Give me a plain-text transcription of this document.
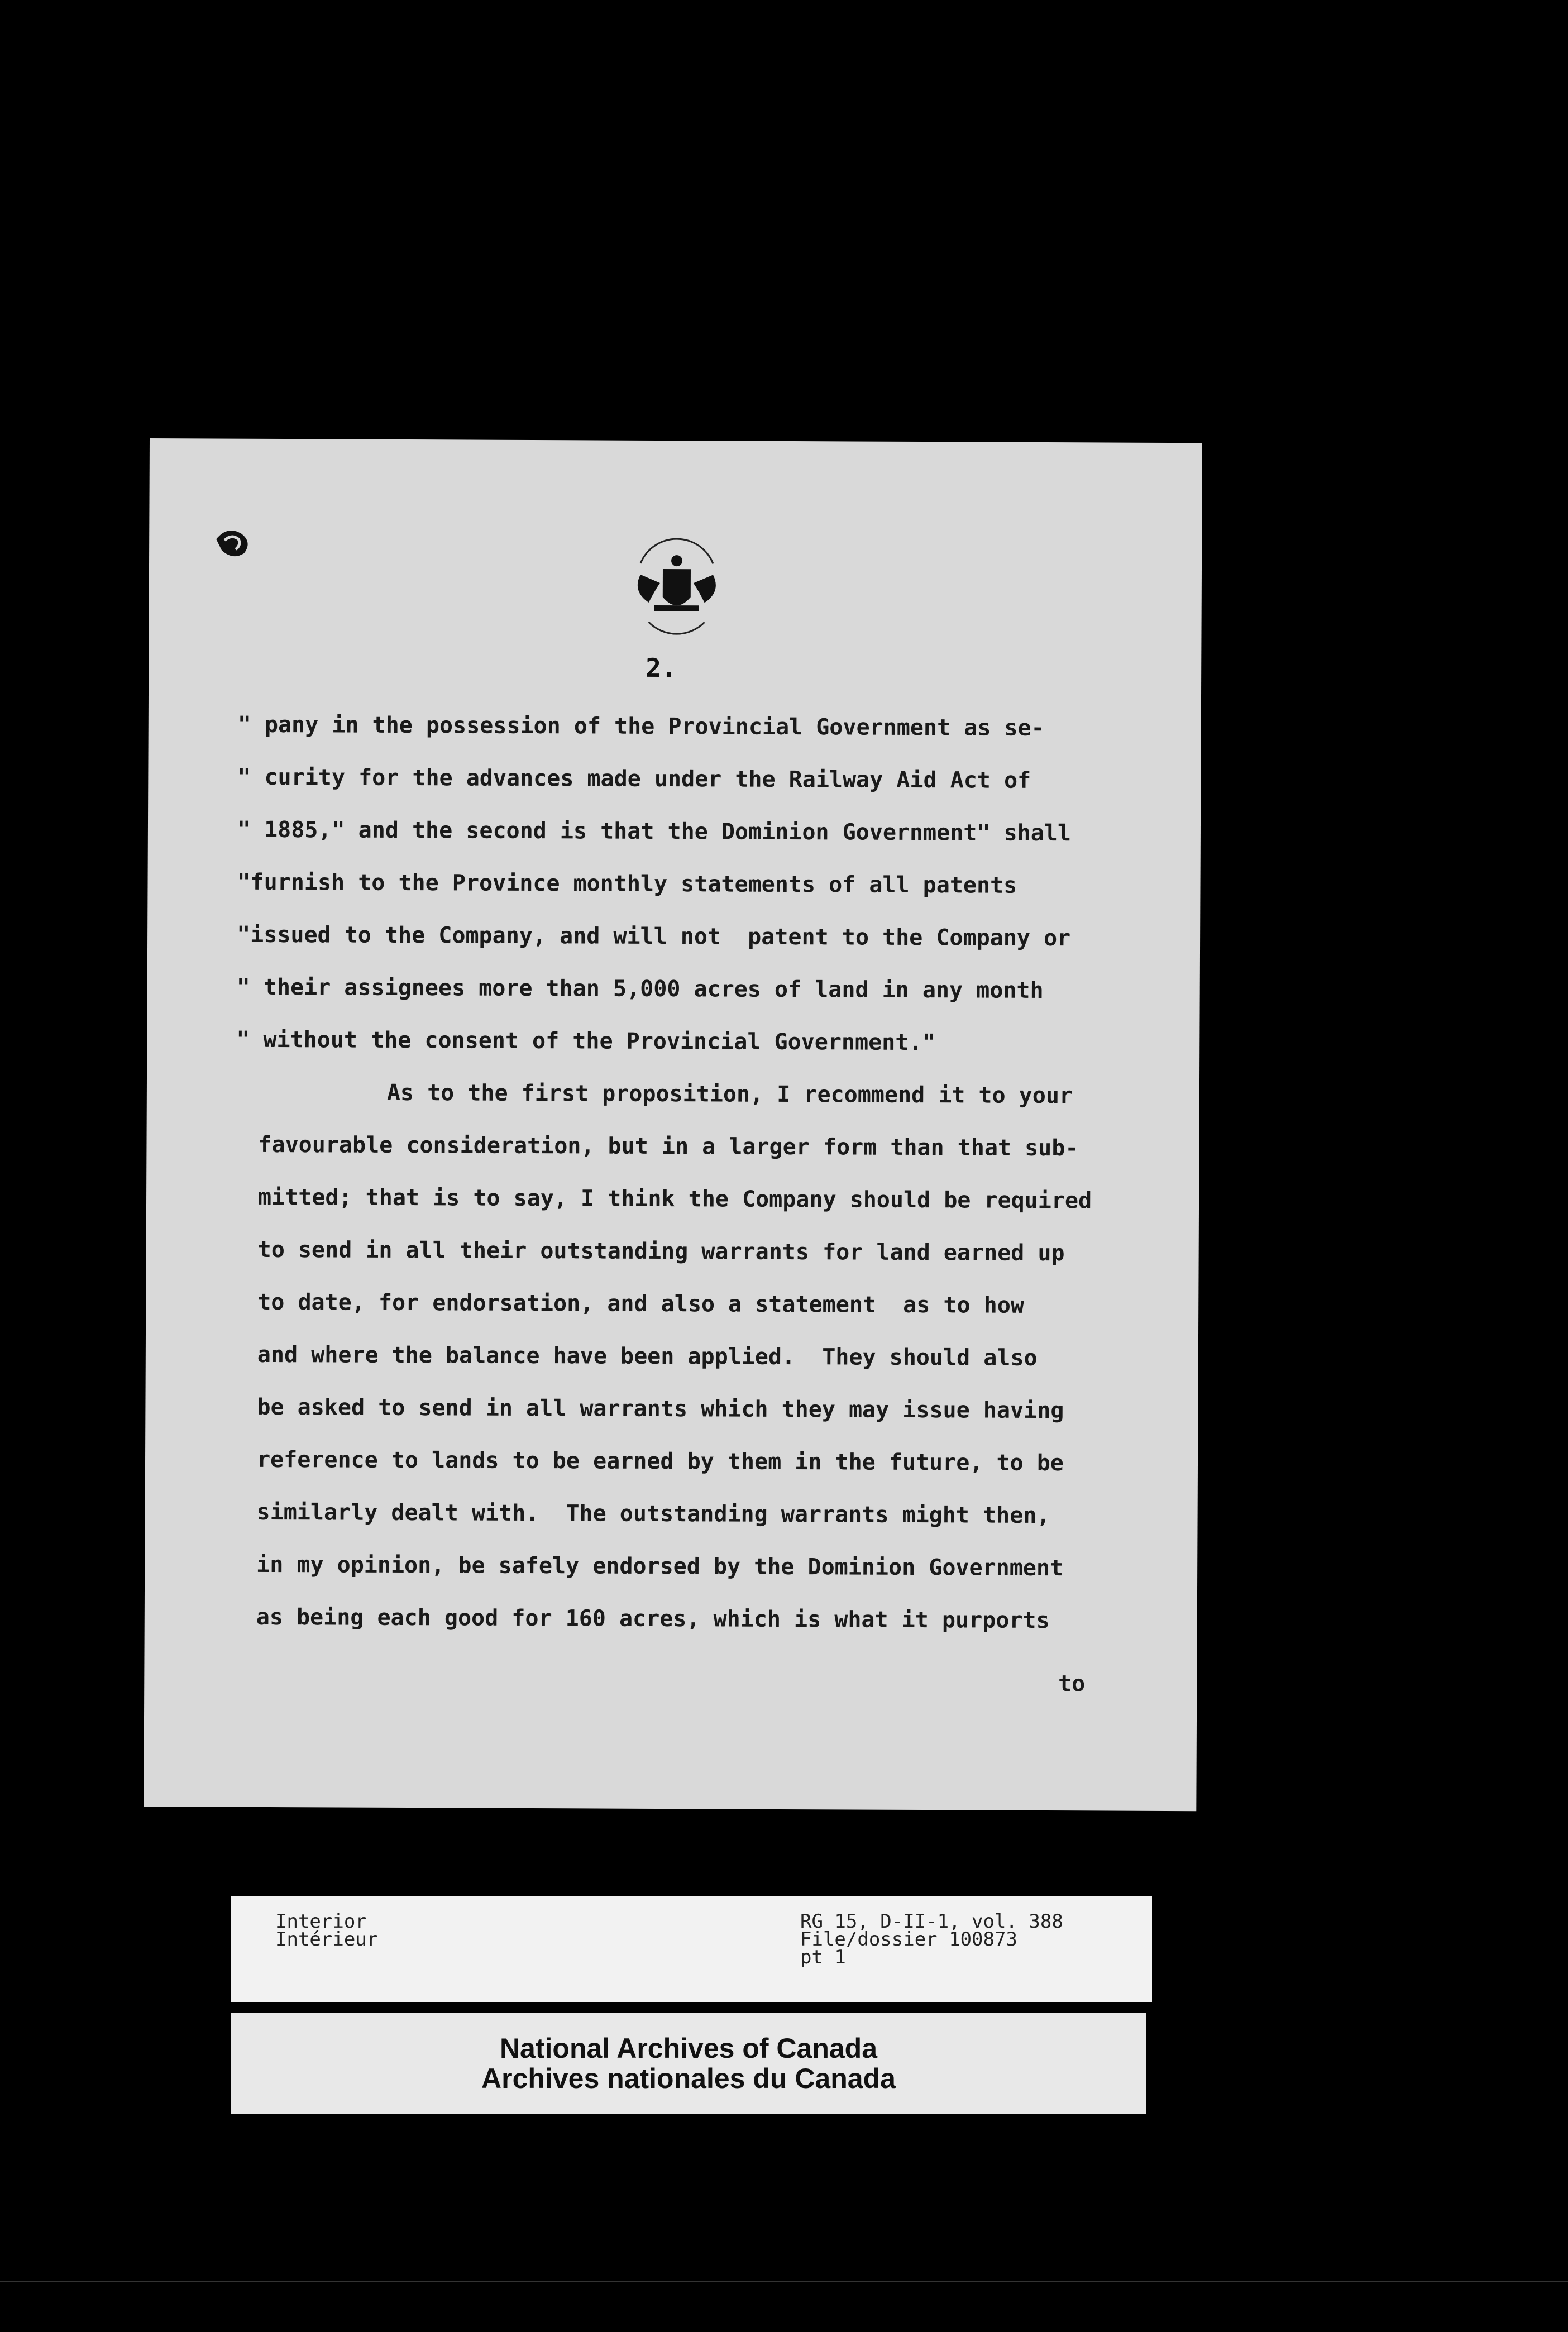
2.
" pany in the possession of the Provincial Government as se-
" curity for the advances made under the Railway Aid Act of
" 1885," and the second is that the Dominion Government" shall
"furnish to the Province monthly statements of all patents
"issued to the Company, and will not  patent to the Company or
" their assignees more than 5,000 acres of land in any month
" without the consent of the Provincial Government."
As to the first proposition, I recommend it to your
favourable consideration, but in a larger form than that sub-
mitted; that is to say, I think the Company should be required
to send in all their outstanding warrants for land earned up
to date, for endorsation, and also a statement  as to how
and where the balance have been applied.  They should also
be asked to send in all warrants which they may issue having
reference to lands to be earned by them in the future, to be
similarly dealt with.  The outstanding warrants might then,
in my opinion, be safely endorsed by the Dominion Government
as being each good for 160 acres, which is what it purports
to
Interior
Intérieur
RG 15, D-II-1, vol. 388
File/dossier 100873
pt 1
National Archives of Canada
Archives nationales du Canada
